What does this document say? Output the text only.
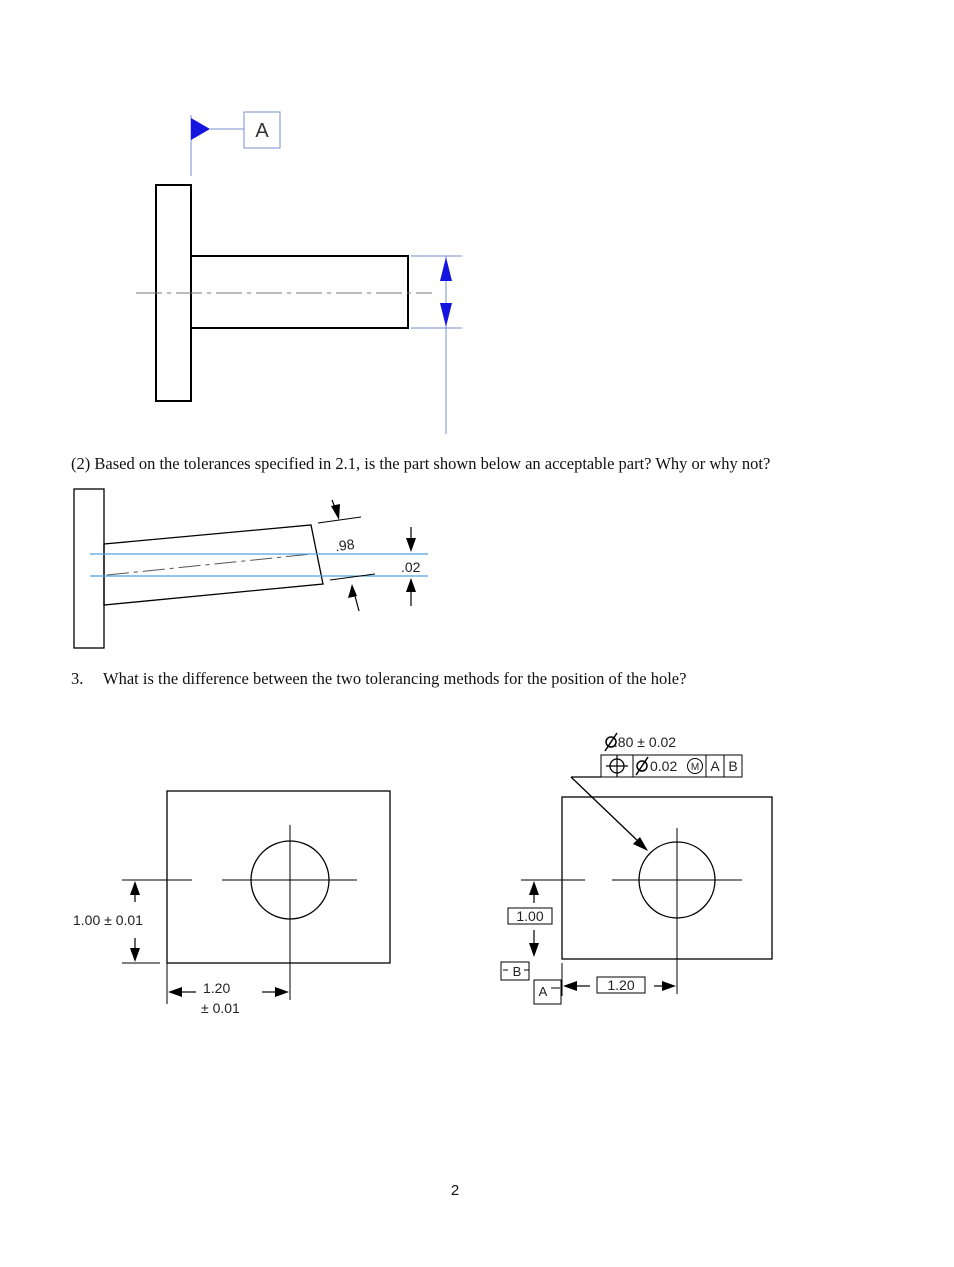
A
(2) Based on the tolerances specified in 2.1, is the part shown below an acceptable part? Why or why not?
.98
.02
3. What is the difference between the two tolerancing methods for the position of the hole?
1.00 ± 0.01
1.20
± 0.01
Ø.80 ± 0.02
0.02 M A B
1.00
B
A	1.20
2
